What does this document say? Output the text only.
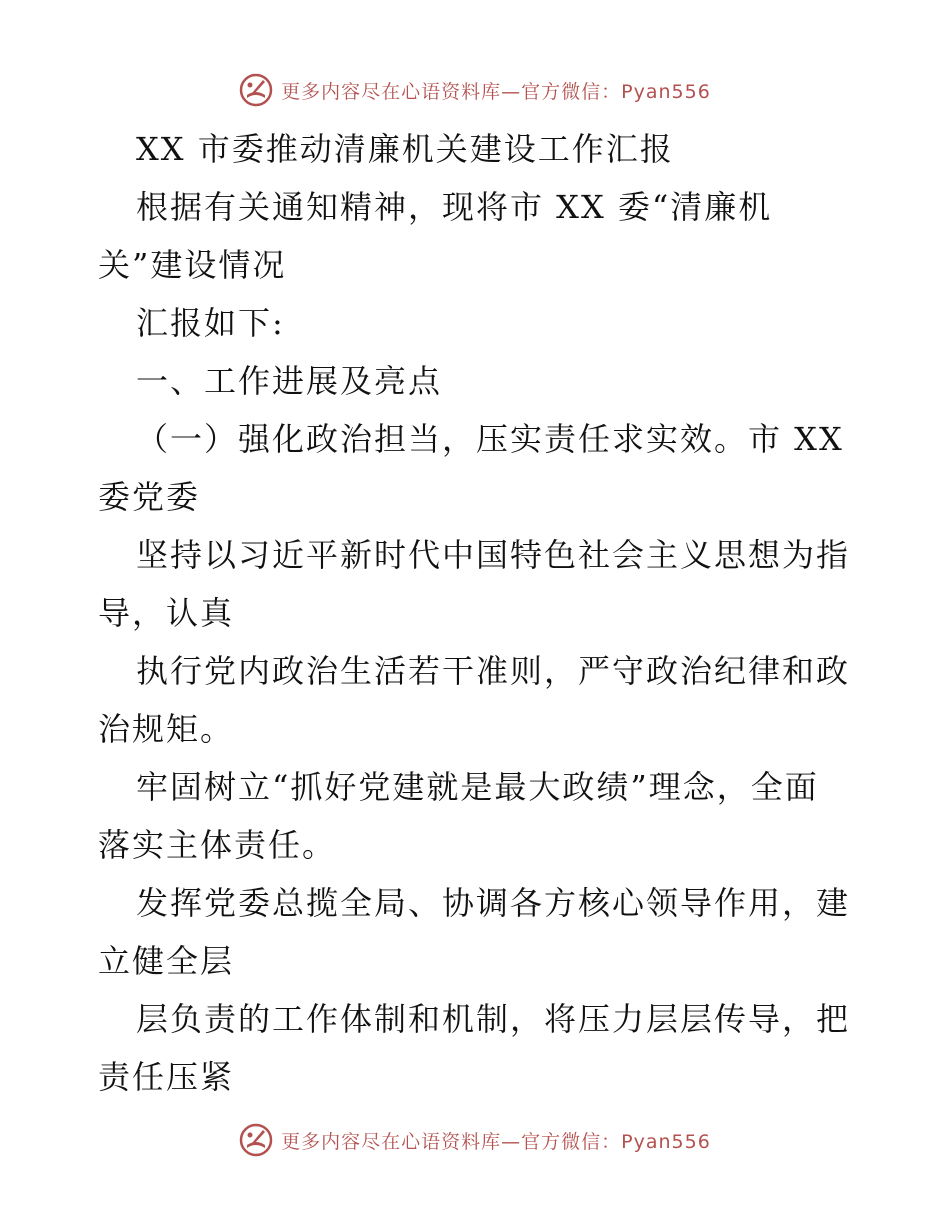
更多内容尽在心语资料库—官方微信：Pyan556
XX 市委推动清廉机关建设工作汇报
根据有关通知精神，现将市 XX 委“清廉机
关”建设情况
汇报如下:
一、工作进展及亮点
（一）强化政治担当，压实责任求实效。市 XX
委党委
坚持以习近平新时代中国特色社会主义思想为指
导，认真
执行党内政治生活若干准则，严守政治纪律和政
治规矩。
牢固树立“抓好党建就是最大政绩”理念，全面
落实主体责任。
发挥党委总揽全局、协调各方核心领导作用，建
立健全层
层负责的工作体制和机制，将压力层层传导，把
责任压紧
更多内容尽在心语资料库—官方微信：Pyan556
